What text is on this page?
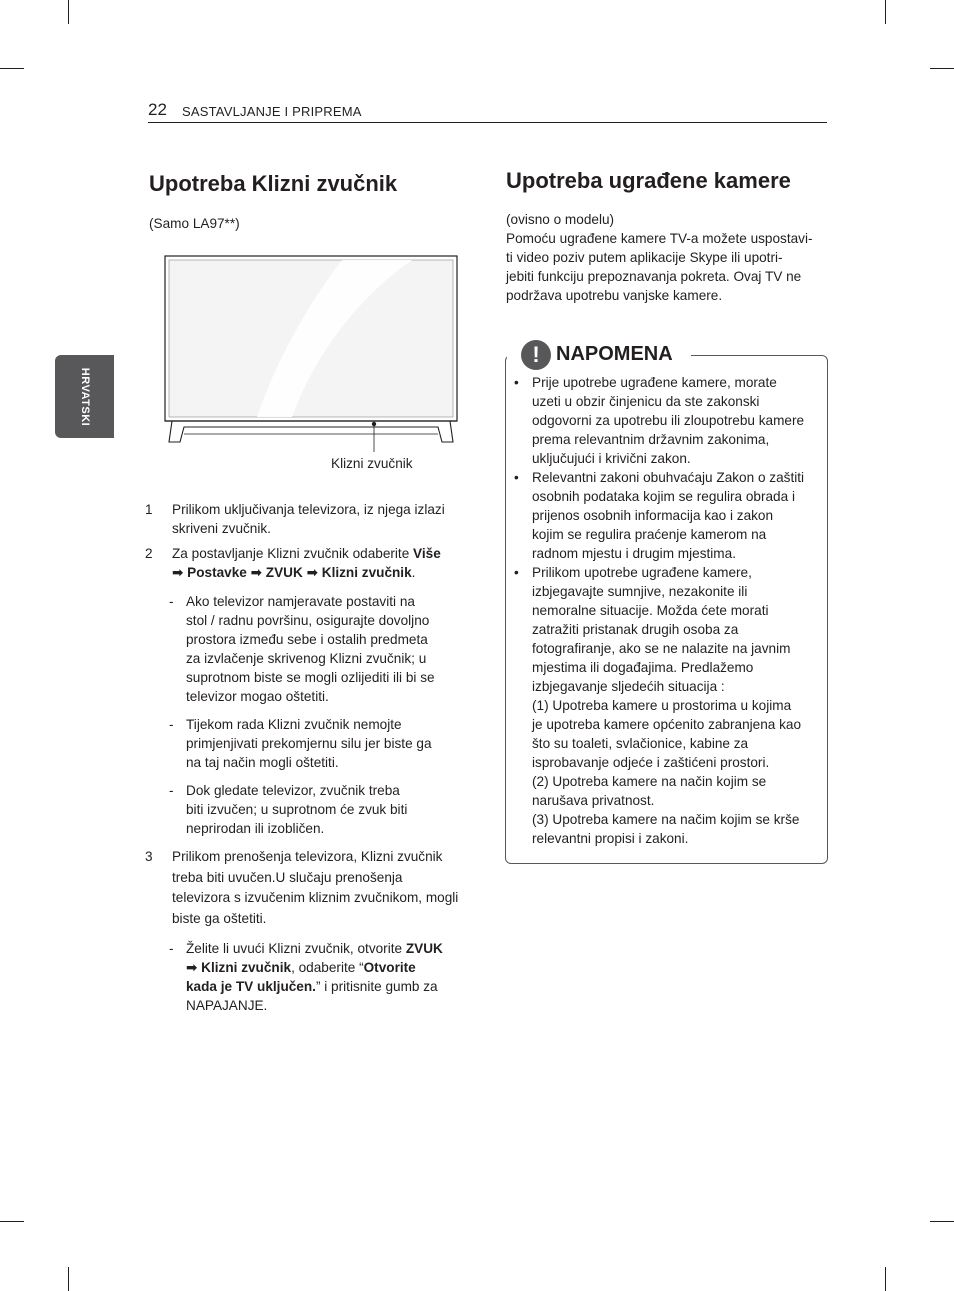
22 SASTAVLJANJE I PRIPREMA
HRVATSKI
Upotreba Klizni zvučnik
(Samo LA97**)
Klizni zvučnik
1 Prilikom uključivanja televizora, iz njega izlazi
skriveni zvučnik.
2 Za postavljanje Klizni zvučnik odaberite Više
➡ Postavke ➡ ZVUK ➡ Klizni zvučnik.
- Ako televizor namjeravate postaviti na
stol / radnu površinu, osigurajte dovoljno
prostora između sebe i ostalih predmeta
za izvlačenje skrivenog Klizni zvučnik; u
suprotnom biste se mogli ozlijediti ili bi se
televizor mogao oštetiti.
- Tijekom rada Klizni zvučnik nemojte
primjenjivati prekomjernu silu jer biste ga
na taj način mogli oštetiti.
- Dok gledate televizor, zvučnik treba
biti izvučen; u suprotnom će zvuk biti
neprirodan ili izobličen.
3 Prilikom prenošenja televizora, Klizni zvučnik
treba biti uvučen.U slučaju prenošenja
televizora s izvučenim kliznim zvučnikom, mogli
biste ga oštetiti.
- Želite li uvući Klizni zvučnik, otvorite ZVUK
➡ Klizni zvučnik, odaberite “Otvorite
kada je TV uključen.” i pritisnite gumb za
NAPAJANJE.
Upotreba ugrađene kamere
(ovisno o modelu)
Pomoću ugrađene kamere TV-a možete uspostavi-
ti video poziv putem aplikacije Skype ili upotri-
jebiti funkciju prepoznavanja pokreta. Ovaj TV ne
podržava upotrebu vanjske kamere.
! NAPOMENA
• Prije upotrebe ugrađene kamere, morate
uzeti u obzir činjenicu da ste zakonski
odgovorni za upotrebu ili zloupotrebu kamere
prema relevantnim državnim zakonima,
uključujući i krivični zakon.
• Relevantni zakoni obuhvaćaju Zakon o zaštiti
osobnih podataka kojim se regulira obrada i
prijenos osobnih informacija kao i zakon
kojim se regulira praćenje kamerom na
radnom mjestu i drugim mjestima.
• Prilikom upotrebe ugrađene kamere,
izbjegavajte sumnjive, nezakonite ili
nemoralne situacije. Možda ćete morati
zatražiti pristanak drugih osoba za
fotografiranje, ako se ne nalazite na javnim
mjestima ili događajima. Predlažemo
izbjegavanje sljedećih situacija :
(1) Upotreba kamere u prostorima u kojima
je upotreba kamere općenito zabranjena kao
što su toaleti, svlačionice, kabine za
isprobavanje odjeće i zaštićeni prostori.
(2) Upotreba kamere na način kojim se
narušava privatnost.
(3) Upotreba kamere na načim kojim se krše
relevantni propisi i zakoni.
